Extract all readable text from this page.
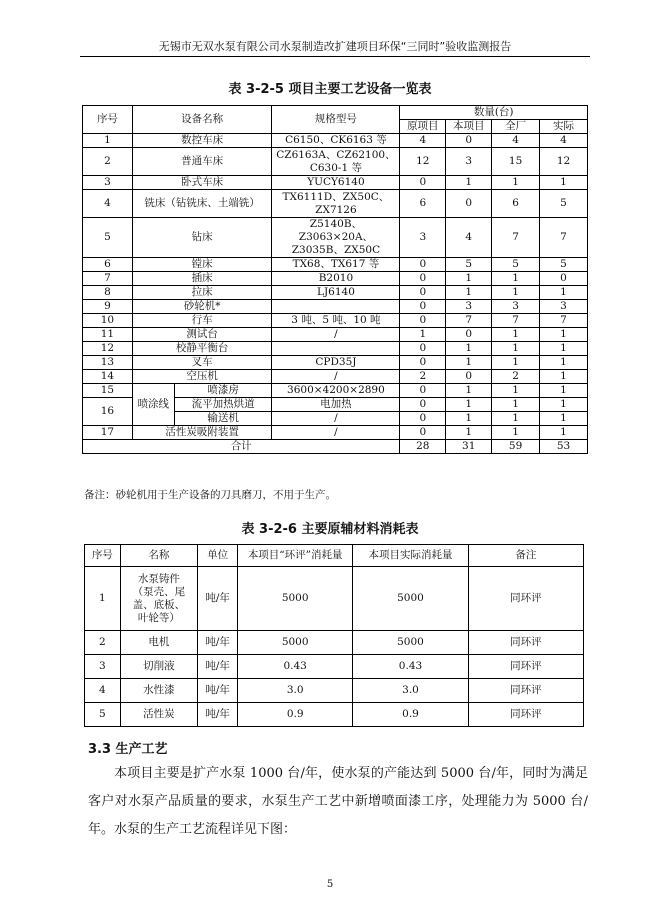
无锡市无双水泵有限公司水泵制造改扩建项目环保“三同时”验收监测报告
表 3-2-5 项目主要工艺设备一览表
序号	设备名称		规格型号	数量(台)			
				原项目	本项目	全厂	实际
1	数控车床		C6150、CK6163 等	4	0	4	4
2	普通车床		CZ6163A、CZ62100、C630-1 等	12	3	15	12
3	卧式车床		YUCY6140	0	1	1	1
4	铣床（钻铣床、土端铣）		TX6111D、ZX50C、ZX7126	6	0	6	5
5	钻床		Z5140B、Z3063×20A、Z3035B、ZX50C	3	4	7	7
6	镗床		TX68、TX617 等	0	5	5	5
7	插床		B2010	0	1	1	0
8	拉床		LJ6140	0	1	1	1
9	砂轮机*			0	3	3	3
10	行车		3 吨、5 吨、10 吨	0	7	7	7
11	测试台		/	1	0	1	1
12	校静平衡台			0	1	1	1
13	叉车		CPD35J	0	1	1	1
14	空压机		/	2	0	2	1
15	喷涂线	喷漆房	3600×4200×2890	0	1	1	1
16		流平加热烘道	电加热	0	1	1	1
		输送机	/	0	1	1	1
17	活性炭吸附装置		/	0	1	1	1
合计				28	31	59	53
备注：砂轮机用于生产设备的刀具磨刀，不用于生产。
表 3-2-6 主要原辅材料消耗表
序号	名称	单位	本项目“环评”消耗量	本项目实际消耗量	备注
1	水泵铸件（泵壳、尾盖、底板、叶轮等）	吨/年	5000	5000	同环评
2	电机	吨/年	5000	5000	同环评
3	切削液	吨/年	0.43	0.43	同环评
4	水性漆	吨/年	3.0	3.0	同环评
5	活性炭	吨/年	0.9	0.9	同环评
3.3 生产工艺
本项目主要是扩产水泵 1000 台/年，使水泵的产能达到 5000 台/年，同时为满足客户对水泵产品质量的要求，水泵生产工艺中新增喷面漆工序，处理能力为 5000 台/年。水泵的生产工艺流程详见下图：
5
